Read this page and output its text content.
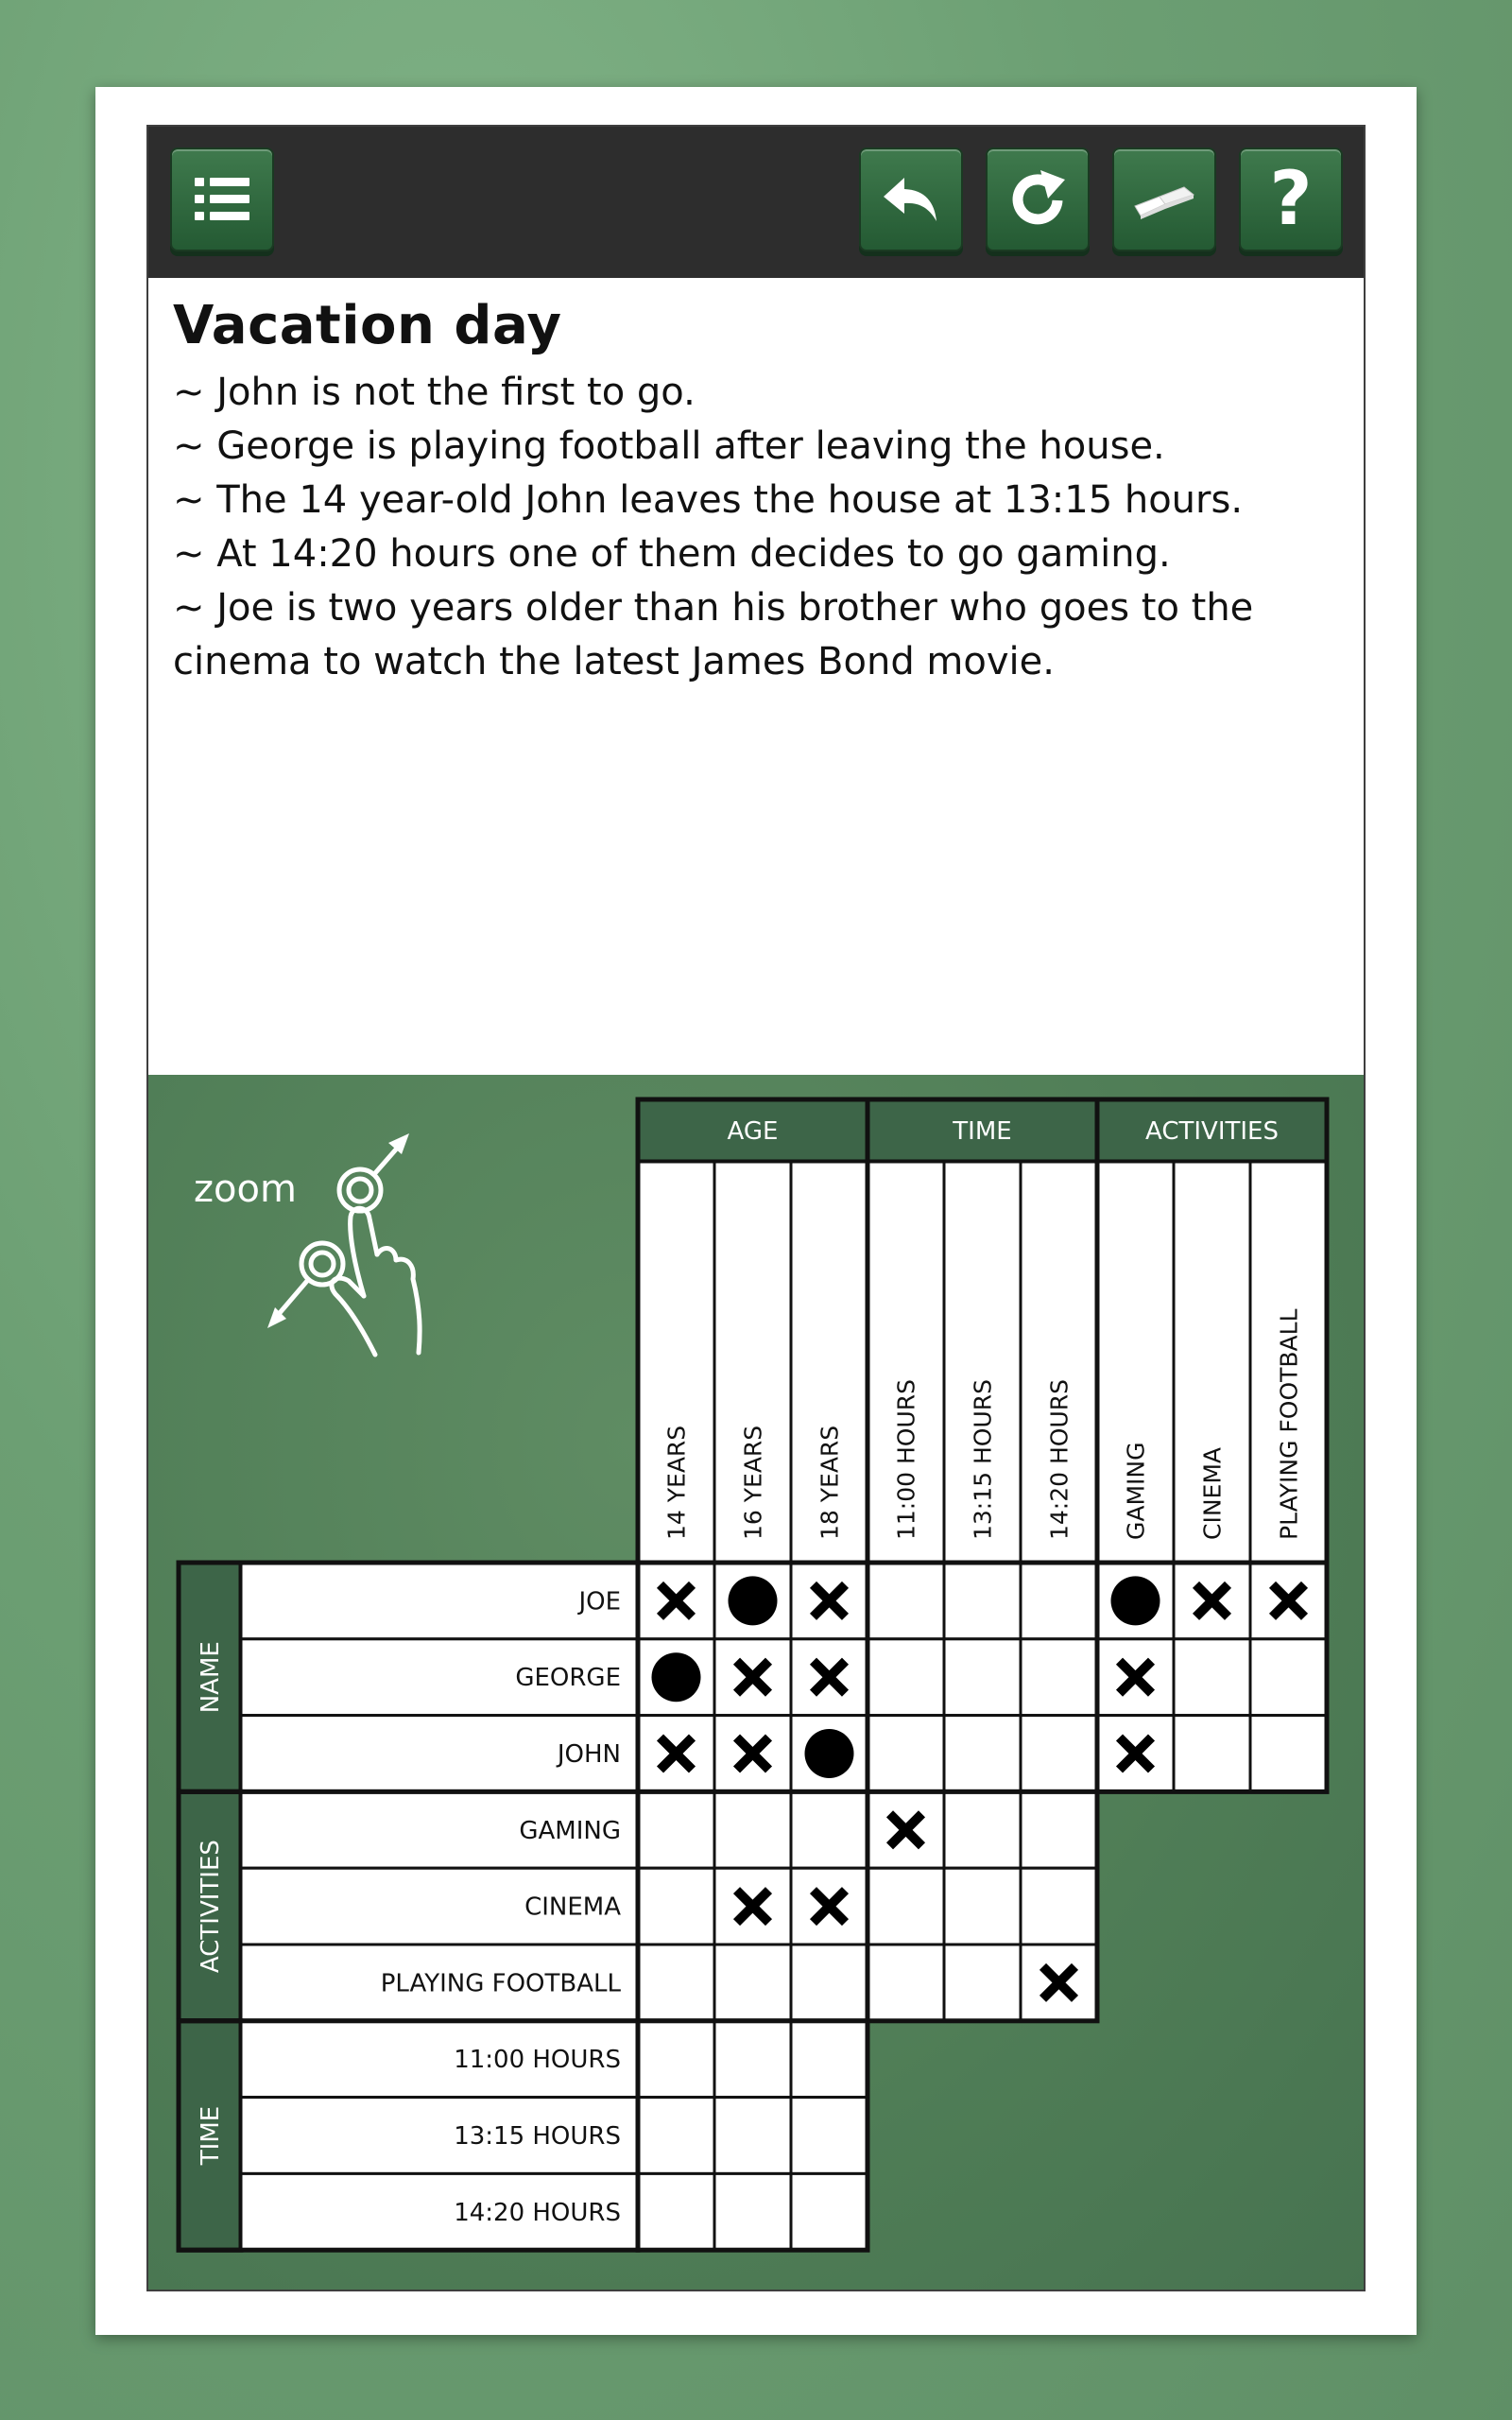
?
Vacation day
~ John is not the first to go.
~ George is playing football after leaving the house.
~ The 14 year-old John leaves the house at 13:15 hours.
~ At 14:20 hours one of them decides to go gaming.
~ Joe is two years older than his brother who goes to the
cinema to watch the latest James Bond movie.
zoom
AGE
14 YEARS 16 YEARS 18 YEARS
TIME
11:00 HOURS 13:15 HOURS 14:20 HOURS
ACTIVITIES
GAMING CINEMA PLAYING FOOTBALL
NAME
JOE
GEORGE
JOHN
ACTIVITIES
GAMING
CINEMA
PLAYING FOOTBALL
TIME
11:00 HOURS
13:15 HOURS
14:20 HOURS
